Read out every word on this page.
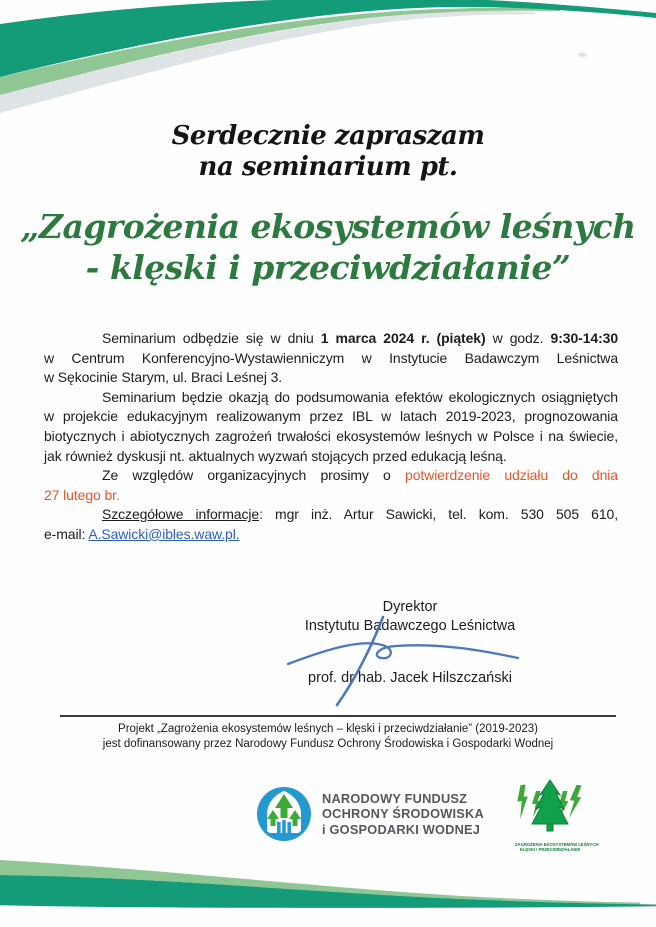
Serdecznie zapraszam
na seminarium pt.
„Zagrożenia ekosystemów leśnych
- klęski i przeciwdziałanie”
Seminarium odbędzie się w dniu 1 marca 2024 r. (piątek) w godz. 9:30-14:30
w Centrum Konferencyjno-Wystawienniczym w Instytucie Badawczym Leśnictwa
w Sękocinie Starym, ul. Braci Leśnej 3.
Seminarium będzie okazją do podsumowania efektów ekologicznych osiągniętych
w projekcie edukacyjnym realizowanym przez IBL w latach 2019-2023, prognozowania
biotycznych i abiotycznych zagrożeń trwałości ekosystemów leśnych w Polsce i na świecie,
jak również dyskusji nt. aktualnych wyzwań stojących przed edukacją leśną.
Ze względów organizacyjnych prosimy o potwierdzenie udziału do dnia
27 lutego br.
Szczegółowe informacje: mgr inż. Artur Sawicki, tel. kom. 530 505 610,
e-mail: A.Sawicki@ibles.waw.pl.
Dyrektor
Instytutu Badawczego Leśnictwa
prof. dr hab. Jacek Hilszczański
Projekt „Zagrożenia ekosystemów leśnych – klęski i przeciwdziałanie” (2019-2023)
jest dofinansowany przez Narodowy Fundusz Ochrony Środowiska i Gospodarki Wodnej
NARODOWY FUNDUSZ
OCHRONY ŚRODOWISKA
i GOSPODARKI WODNEJ
ZAGROŻENIA EKOSYSTEMÓW LEŚNYCH
KLĘSKI I PRZECIWDZIAŁANIE
